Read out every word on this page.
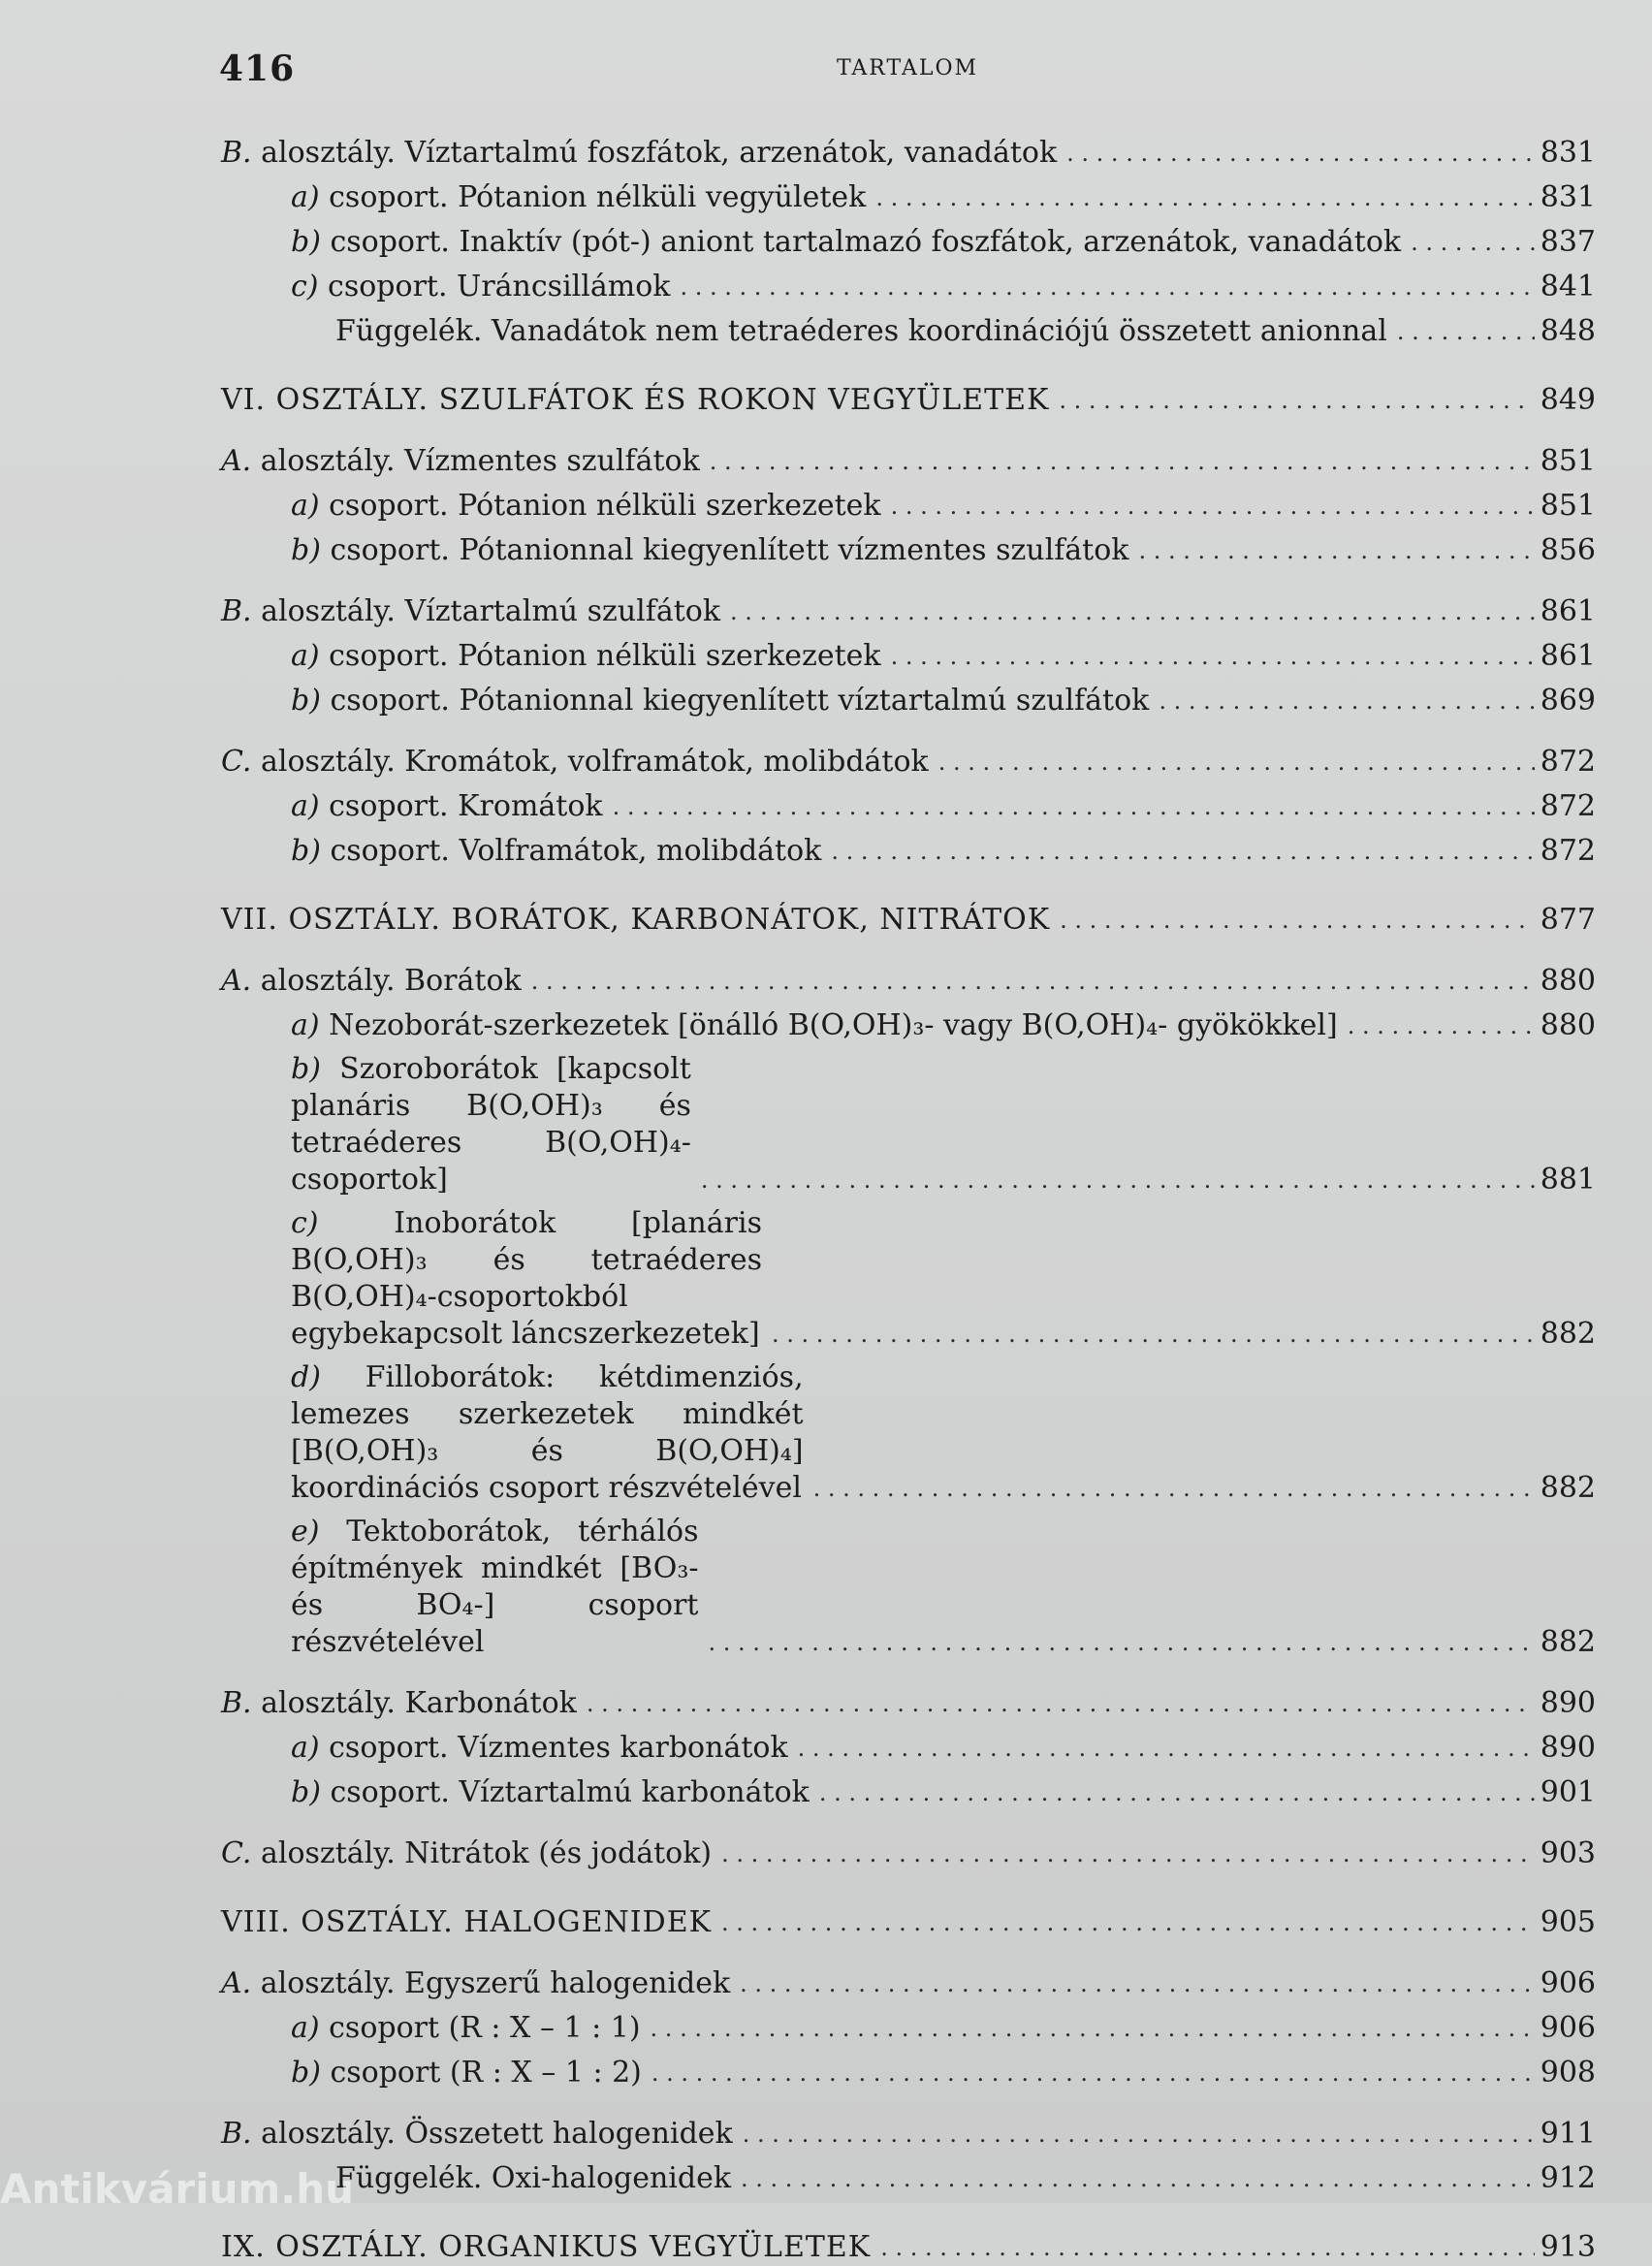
416	TARTALOM
B. alosztály. Víztartalmú foszfátok, arzenátok, vanadátok . . .	831
a) csoport. Pótanion nélküli vegyületek . . .	831
b) csoport. Inaktív (pót-) aniont tartalmazó foszfátok, arzenátok, vanadátok . . .	837
c) csoport. Uráncsillámok . . .	841
Függelék. Vanadátok nem tetraéderes koordinációjú összetett anionnal . . .	848
VI. OSZTÁLY. SZULFÁTOK ÉS ROKON VEGYÜLETEK . . .	849
A. alosztály. Vízmentes szulfátok . . .	851
a) csoport. Pótanion nélküli szerkezetek . . .	851
b) csoport. Pótanionnal kiegyenlített vízmentes szulfátok . . .	856
B. alosztály. Víztartalmú szulfátok . . .	861
a) csoport. Pótanion nélküli szerkezetek . . .	861
b) csoport. Pótanionnal kiegyenlített víztartalmú szulfátok . . .	869
C. alosztály. Kromátok, volframátok, molibdátok . . .	872
a) csoport. Kromátok . . .	872
b) csoport. Volframátok, molibdátok . . .	872
VII. OSZTÁLY. BORÁTOK, KARBONÁTOK, NITRÁTOK . . .	877
A. alosztály. Borátok . . .	880
a) Nezoborát-szerkezetek [önálló B(O,OH)₃- vagy B(O,OH)₄- gyökökkel] . . .	880
b) Szoroborátok [kapcsolt planáris B(O,OH)₃ és tetraéderes B(O,OH)₄-csoportok] . . .	881
c) Inoborátok [planáris B(O,OH)₃ és tetraéderes B(O,OH)₄-csoportokból egybekapcsolt láncszerkezetek] . . .	882
d) Filloborátok: kétdimenziós, lemezes szerkezetek mindkét [B(O,OH)₃ és B(O,OH)₄] koordinációs csoport részvételével . . .	882
e) Tektoborátok, térhálós építmények mindkét [BO₃- és BO₄-] csoport részvételével . . .	882
B. alosztály. Karbonátok . . .	890
a) csoport. Vízmentes karbonátok . . .	890
b) csoport. Víztartalmú karbonátok . . .	901
C. alosztály. Nitrátok (és jodátok) . . .	903
VIII. OSZTÁLY. HALOGENIDEK . . .	905
A. alosztály. Egyszerű halogenidek . . .	906
a) csoport (R : X – 1 : 1) . . .	906
b) csoport (R : X – 1 : 2) . . .	908
B. alosztály. Összetett halogenidek . . .	911
Függelék. Oxi-halogenidek . . .	912
IX. OSZTÁLY. ORGANIKUS VEGYÜLETEK . . .	913
Antikvárium.hu
